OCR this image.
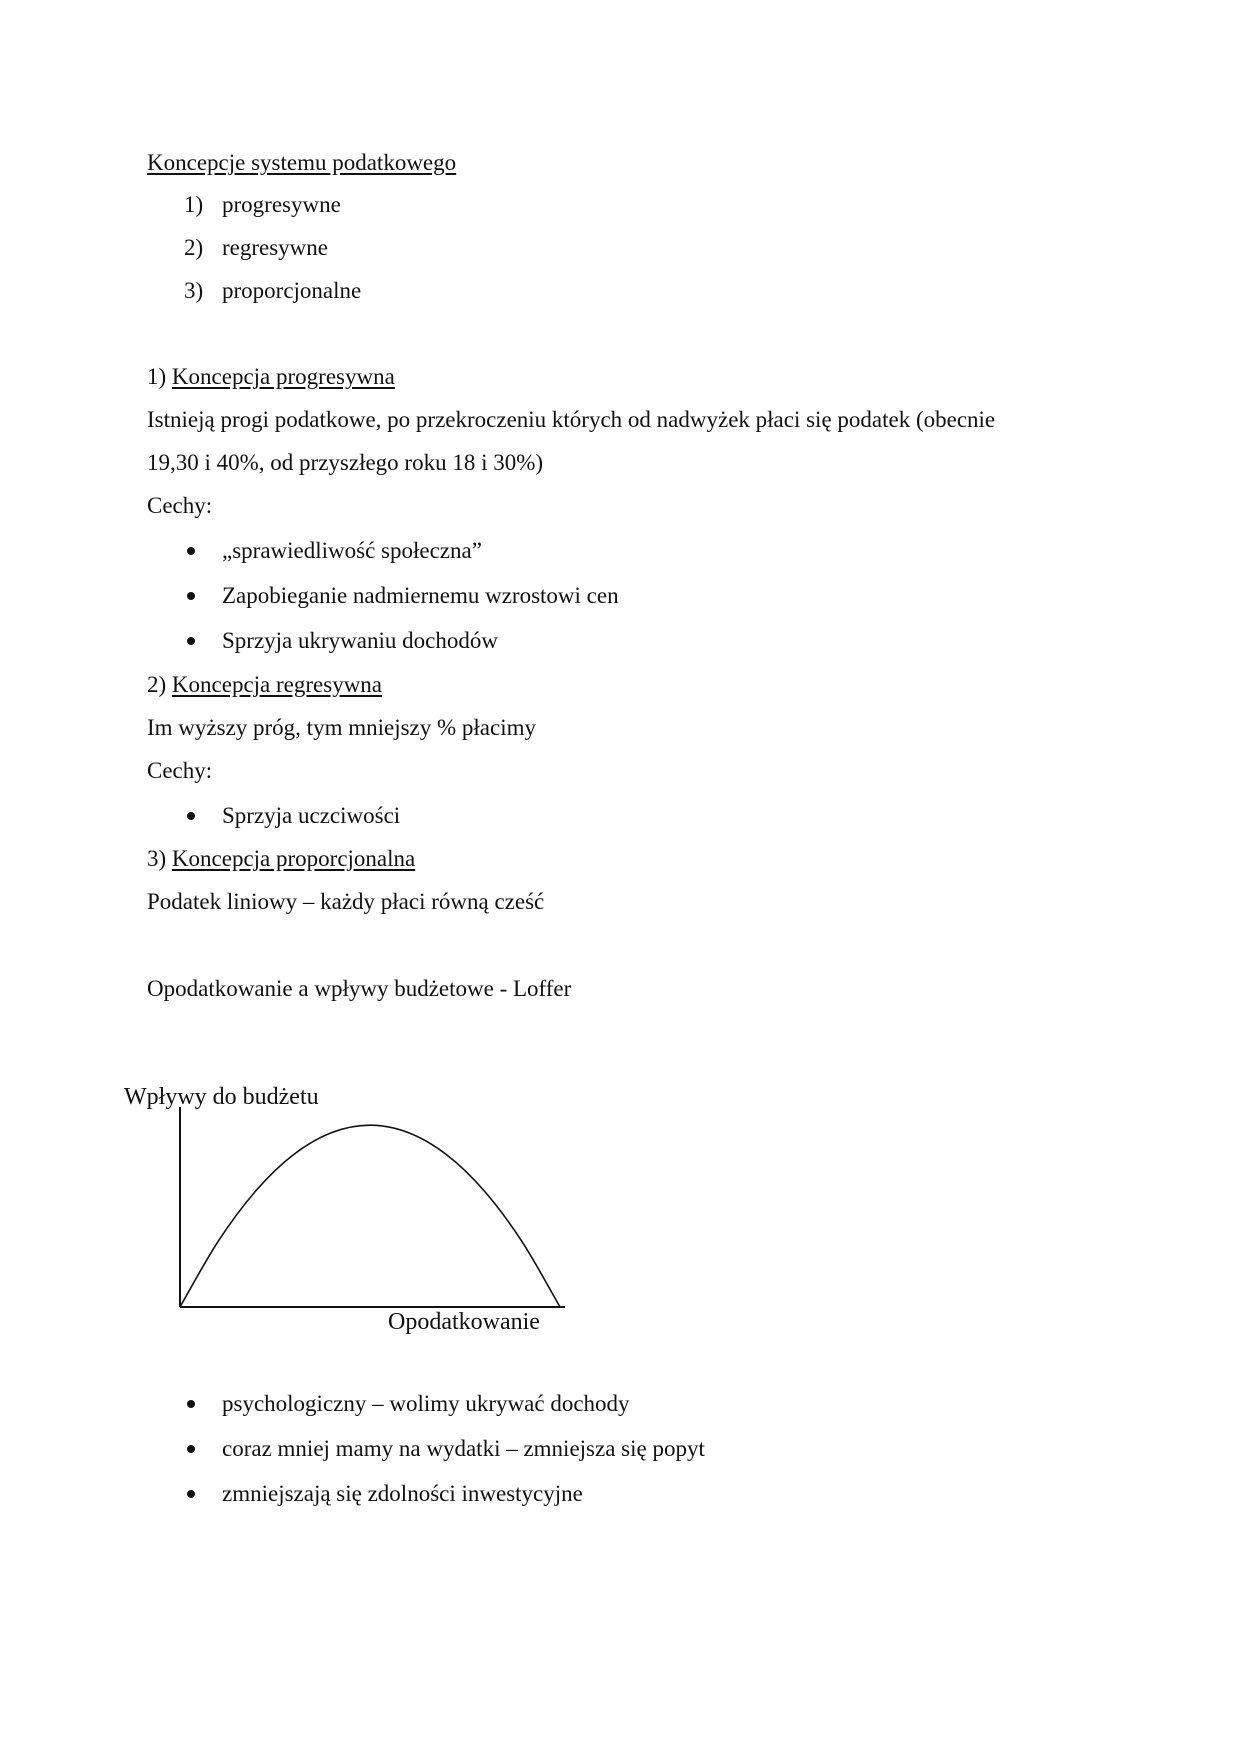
Koncepcje systemu podatkowego
1) progresywne
2) regresywne
3) proporcjonalne
1) Koncepcja progresywna
Istnieją progi podatkowe, po przekroczeniu których od nadwyżek płaci się podatek (obecnie
19,30 i 40%, od przyszłego roku 18 i 30%)
Cechy:
„sprawiedliwość społeczna”
Zapobieganie nadmiernemu wzrostowi cen
Sprzyja ukrywaniu dochodów
2) Koncepcja regresywna
Im wyższy próg, tym mniejszy % płacimy
Cechy:
Sprzyja uczciwości
3) Koncepcja proporcjonalna
Podatek liniowy – każdy płaci równą cześć
Opodatkowanie a wpływy budżetowe - Loffer
Wpływy do budżetu
Opodatkowanie
psychologiczny – wolimy ukrywać dochody
coraz mniej mamy na wydatki – zmniejsza się popyt
zmniejszają się zdolności inwestycyjne
